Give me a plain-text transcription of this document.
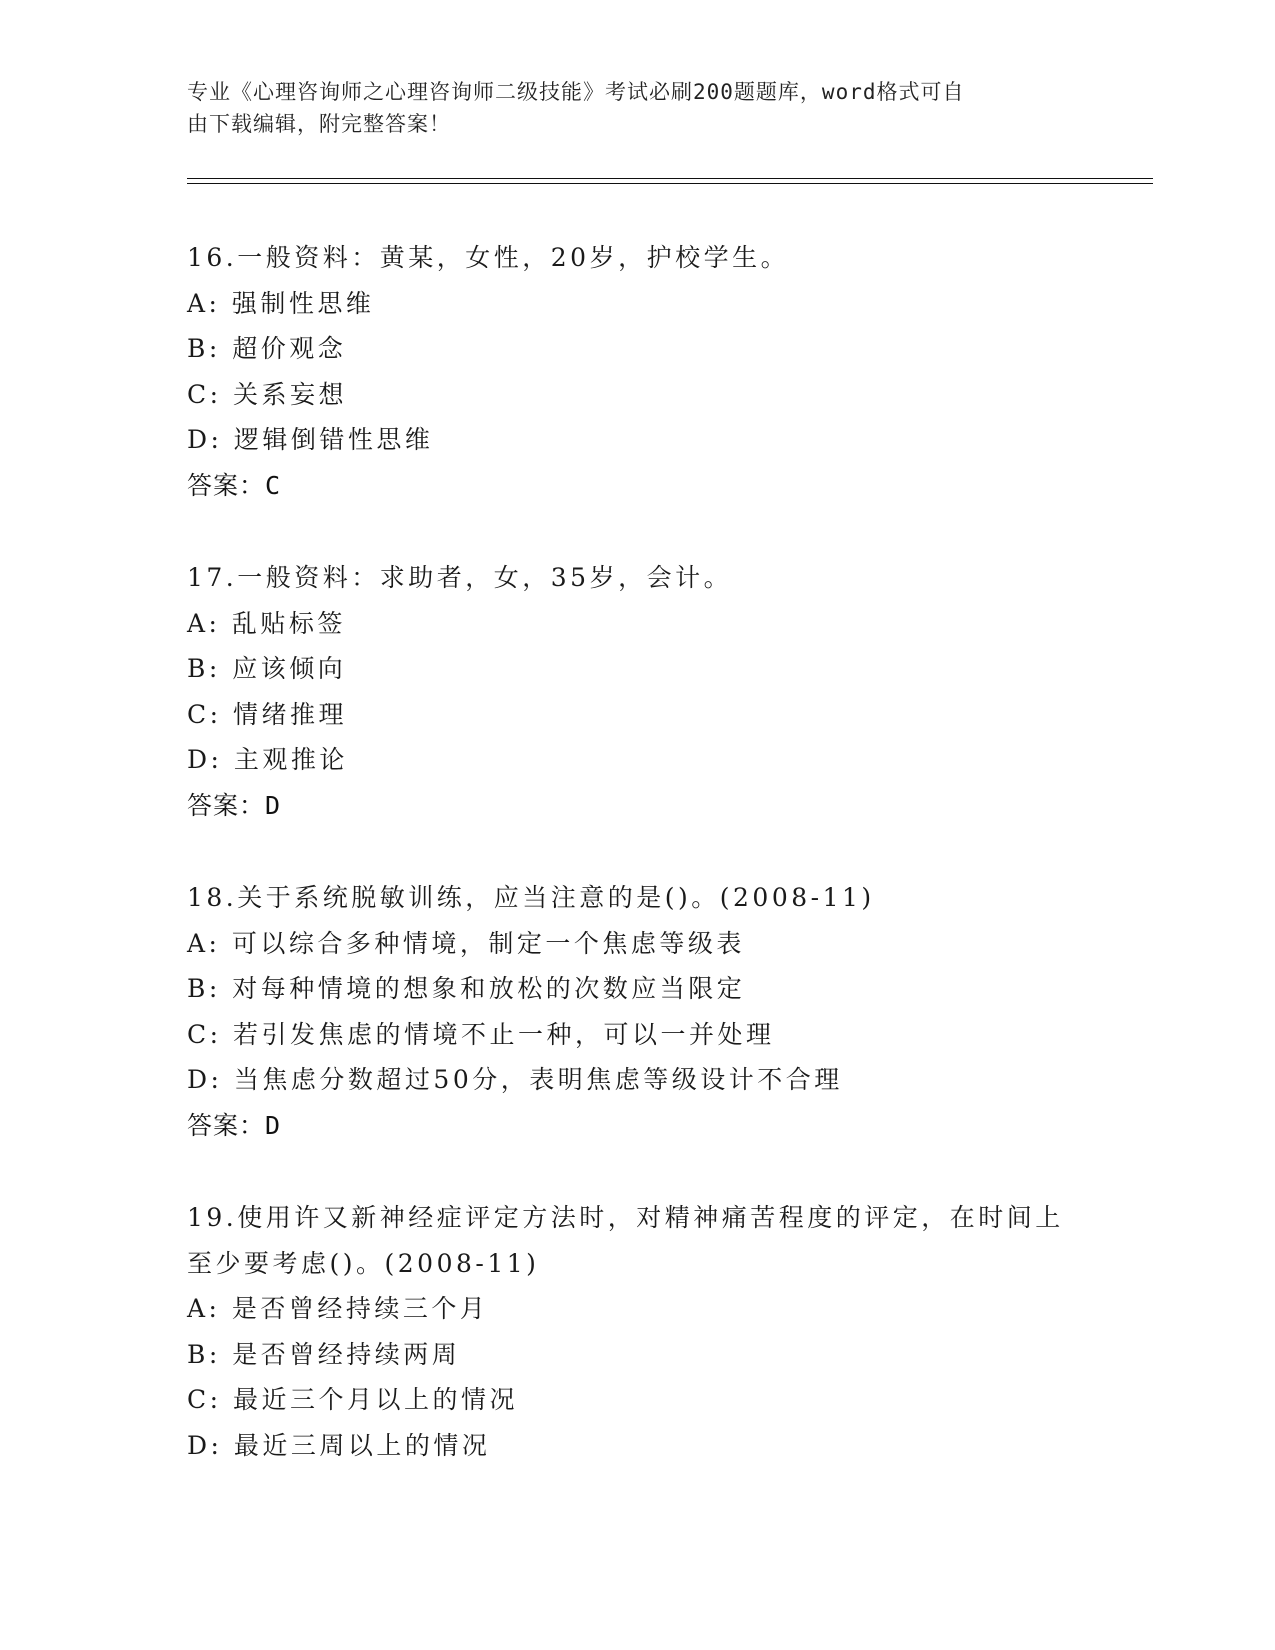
专业《心理咨询师之心理咨询师二级技能》考试必刷200题题库，word格式可自
由下载编辑，附完整答案！
16.一般资料：黄某，女性，20岁，护校学生。
A: 强制性思维
B: 超价观念
C: 关系妄想
D: 逻辑倒错性思维
答案：C
17.一般资料：求助者，女，35岁，会计。
A: 乱贴标签
B: 应该倾向
C: 情绪推理
D: 主观推论
答案：D
18.关于系统脱敏训练，应当注意的是()。(2008-11)
A: 可以综合多种情境，制定一个焦虑等级表
B: 对每种情境的想象和放松的次数应当限定
C: 若引发焦虑的情境不止一种，可以一并处理
D: 当焦虑分数超过50分，表明焦虑等级设计不合理
答案：D
19.使用许又新神经症评定方法时，对精神痛苦程度的评定，在时间上至少要考虑()。(2008-11)
A: 是否曾经持续三个月
B: 是否曾经持续两周
C: 最近三个月以上的情况
D: 最近三周以上的情况
